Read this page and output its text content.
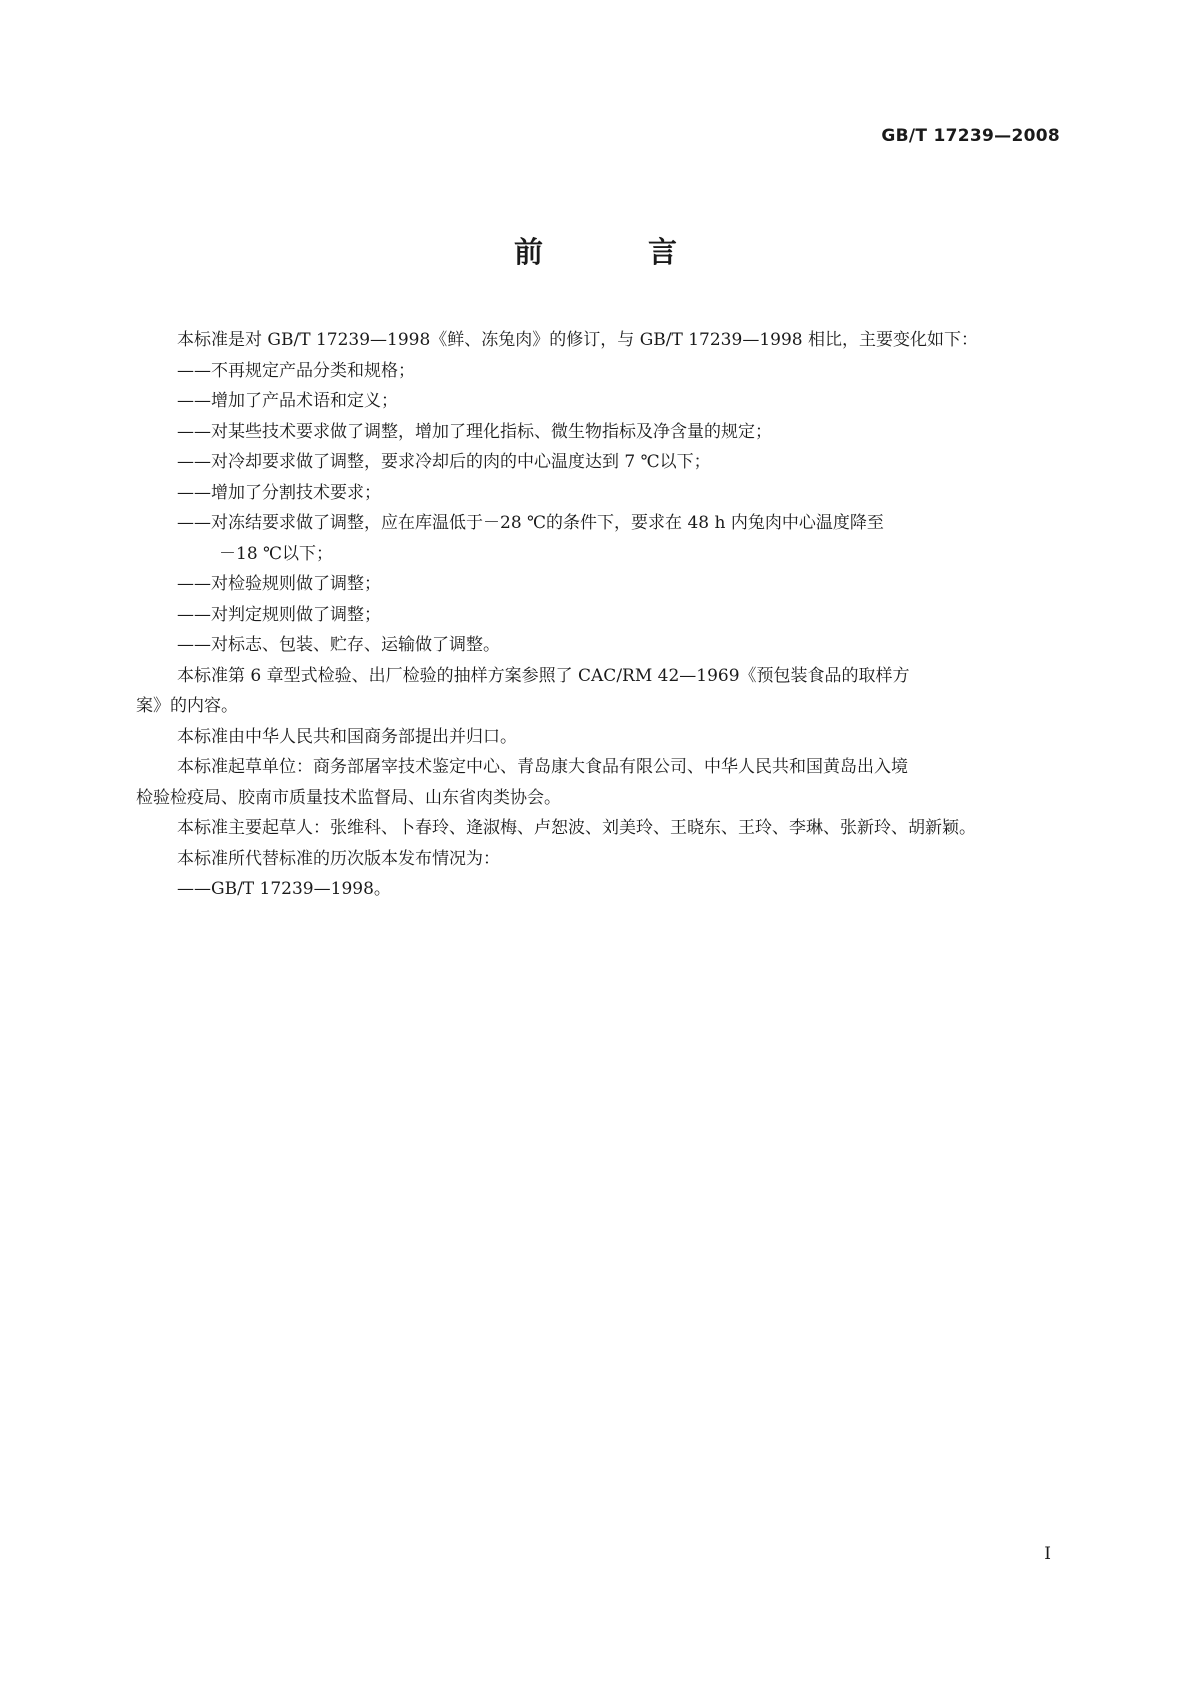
GB/T 17239—2008
前　言

本标准是对 GB/T 17239—1998《鲜、冻兔肉》的修订，与 GB/T 17239—1998 相比，主要变化如下：

——不再规定产品分类和规格；

——增加了产品术语和定义；

——对某些技术要求做了调整，增加了理化指标、微生物指标及净含量的规定；

——对冷却要求做了调整，要求冷却后的肉的中心温度达到 7 ℃以下；

——增加了分割技术要求；

——对冻结要求做了调整，应在库温低于－28 ℃的条件下，要求在 48 h 内兔肉中心温度降至

－18 ℃以下；

——对检验规则做了调整；

——对判定规则做了调整；

——对标志、包装、贮存、运输做了调整。

本标准第 6 章型式检验、出厂检验的抽样方案参照了 CAC/RM 42—1969《预包装食品的取样方

案》的内容。

本标准由中华人民共和国商务部提出并归口。

本标准起草单位：商务部屠宰技术鉴定中心、青岛康大食品有限公司、中华人民共和国黄岛出入境

检验检疫局、胶南市质量技术监督局、山东省肉类协会。

本标准主要起草人：张维科、卜春玲、逄淑梅、卢恕波、刘美玲、王晓东、王玲、李琳、张新玲、胡新颖。

本标准所代替标准的历次版本发布情况为：

——GB/T 17239—1998。

Ⅰ
